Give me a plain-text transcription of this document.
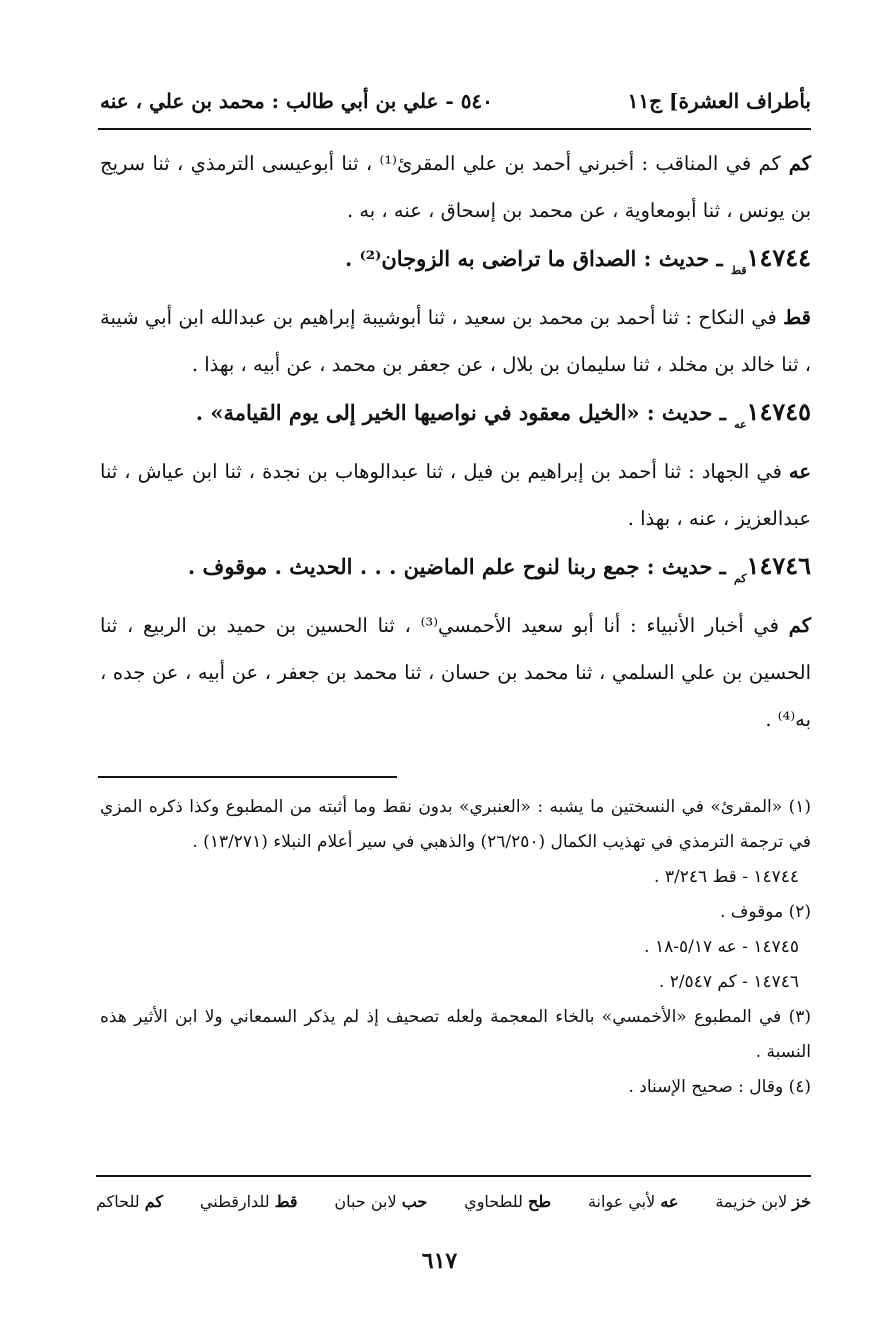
بأطراف العشرة] ج١١
٥٤٠ - علي بن أبي طالب : محمد بن علي ، عنه

كم كم في المناقب : أخبرني أحمد بن علي المقرئ⁽¹⁾ ، ثنا أبوعيسى الترمذي ، ثنا سريج بن يونس ، ثنا أبومعاوية ، عن محمد بن إسحاق ، عنه ، به .

$١٤٧٤٤_{قط}$ ـ حديث : الصداق ما تراضى به الزوجان⁽²⁾ .

قط في النكاح : ثنا أحمد بن محمد بن سعيد ، ثنا أبوشيبة إبراهيم بن عبدالله ابن أبي شيبة ، ثنا خالد بن مخلد ، ثنا سليمان بن بلال ، عن جعفر بن محمد ، عن أبيه ، بهذا .

$١٤٧٤٥_{عه}$ ـ حديث : «الخيل معقود في نواصيها الخير إلى يوم القيامة» .

عه في الجهاد : ثنا أحمد بن إبراهيم بن فيل ، ثنا عبدالوهاب بن نجدة ، ثنا ابن عياش ، ثنا عبدالعزيز ، عنه ، بهذا .

$١٤٧٤٦_{كم}$ ـ حديث : جمع ربنا لنوح علم الماضين . . . الحديث . موقوف .

كم في أخبار الأنبياء : أنا أبو سعيد الأحمسي⁽³⁾ ، ثنا الحسين بن حميد بن الربيع ، ثنا الحسين بن علي السلمي ، ثنا محمد بن حسان ، ثنا محمد بن جعفر ، عن أبيه ، عن جده ، به⁽⁴⁾ .

(١) «المقرئ» في النسختين ما يشبه : «العنبري» بدون نقط وما أثبته من المطبوع وكذا ذكره المزي في ترجمة الترمذي في تهذيب الكمال (٢٦/٢٥٠) والذهبي في سير أعلام النبلاء (١٣/٢٧١) .

١٤٧٤٤ - قط ٣/٢٤٦ .

(٢) موقوف .

١٤٧٤٥ - عه ٥/١٧-١٨ .

١٤٧٤٦ - كم ٢/٥٤٧ .

(٣) في المطبوع «الأخمسي» بالخاء المعجمة ولعله تصحيف إذ لم يذكر السمعاني ولا ابن الأثير هذه النسبة .

(٤) وقال : صحيح الإسناد .

خز لابن خزيمة
عه لأبي عوانة
طح للطحاوي
حب لابن حبان
قط للدارقطني
كم للحاكم
٦١٧
